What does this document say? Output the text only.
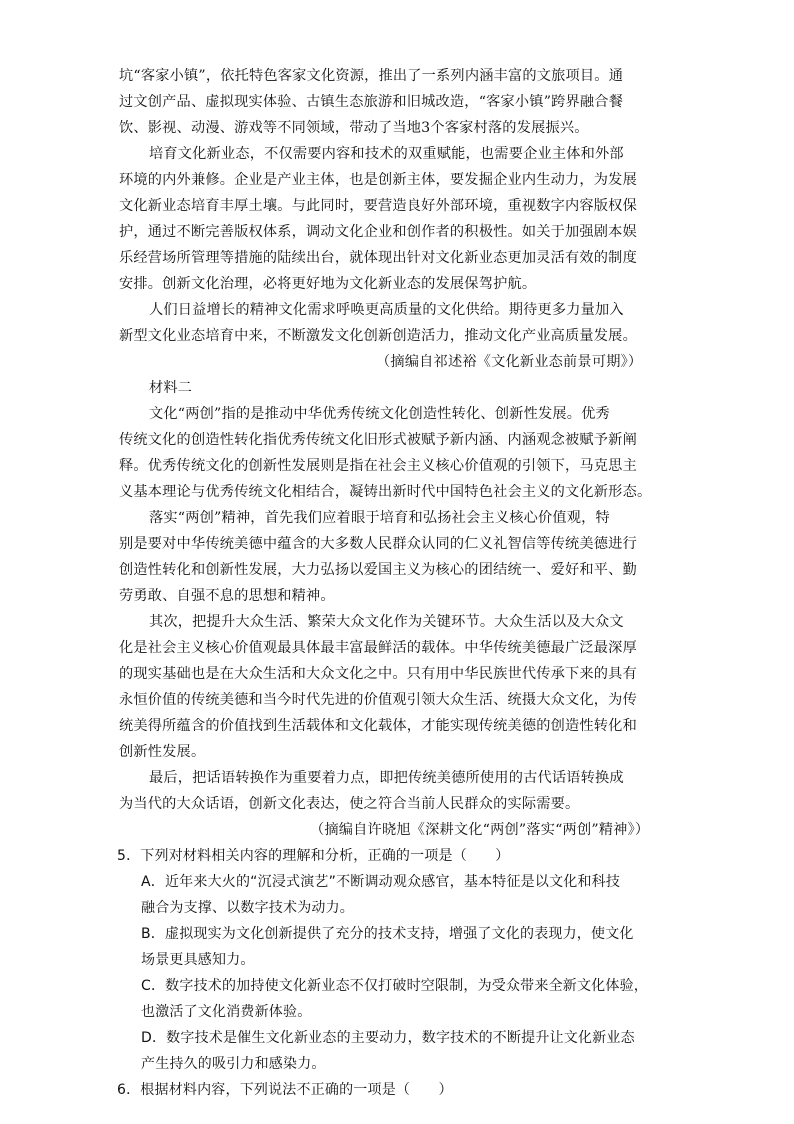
坑“客家小镇”，依托特色客家文化资源，推出了一系列内涵丰富的文旅项目。通
过文创产品、虚拟现实体验、古镇生态旅游和旧城改造，“客家小镇”跨界融合餐
饮、影视、动漫、游戏等不同领域，带动了当地3个客家村落的发展振兴。
培育文化新业态，不仅需要内容和技术的双重赋能，也需要企业主体和外部
环境的内外兼修。企业是产业主体，也是创新主体，要发掘企业内生动力，为发展
文化新业态培育丰厚土壤。与此同时，要营造良好外部环境，重视数字内容版权保
护，通过不断完善版权体系，调动文化企业和创作者的积极性。如关于加强剧本娱
乐经营场所管理等措施的陆续出台，就体现出针对文化新业态更加灵活有效的制度
安排。创新文化治理，必将更好地为文化新业态的发展保驾护航。
人们日益增长的精神文化需求呼唤更高质量的文化供给。期待更多力量加入
新型文化业态培育中来，不断激发文化创新创造活力，推动文化产业高质量发展。
（摘编自祁述裕《文化新业态前景可期》）
材料二
文化“两创”指的是推动中华优秀传统文化创造性转化、创新性发展。优秀
传统文化的创造性转化指优秀传统文化旧形式被赋予新内涵、内涵观念被赋予新阐
释。优秀传统文化的创新性发展则是指在社会主义核心价值观的引领下，马克思主
义基本理论与优秀传统文化相结合，凝铸出新时代中国特色社会主义的文化新形态。
落实“两创”精神，首先我们应着眼于培育和弘扬社会主义核心价值观，特
别是要对中华传统美德中蕴含的大多数人民群众认同的仁义礼智信等传统美德进行
创造性转化和创新性发展，大力弘扬以爱国主义为核心的团结统一、爱好和平、勤
劳勇敢、自强不息的思想和精神。
其次，把提升大众生活、繁荣大众文化作为关键环节。大众生活以及大众文
化是社会主义核心价值观最具体最丰富最鲜活的载体。中华传统美德最广泛最深厚
的现实基础也是在大众生活和大众文化之中。只有用中华民族世代传承下来的具有
永恒价值的传统美德和当今时代先进的价值观引领大众生活、统摄大众文化，为传
统美得所蕴含的价值找到生活载体和文化载体，才能实现传统美德的创造性转化和
创新性发展。
最后，把话语转换作为重要着力点，即把传统美德所使用的古代话语转换成
为当代的大众话语，创新文化表达，使之符合当前人民群众的实际需要。
（摘编自许晓旭《深耕文化“两创”落实“两创”精神》）
5．下列对材料相关内容的理解和分析，正确的一项是（　　）
A．近年来大火的“沉浸式演艺”不断调动观众感官，基本特征是以文化和科技
融合为支撑、以数字技术为动力。
B．虚拟现实为文化创新提供了充分的技术支持，增强了文化的表现力，使文化
场景更具感知力。
C．数字技术的加持使文化新业态不仅打破时空限制，为受众带来全新文化体验，
也激活了文化消费新体验。
D．数字技术是催生文化新业态的主要动力，数字技术的不断提升让文化新业态
产生持久的吸引力和感染力。
6．根据材料内容，下列说法不正确的一项是（　　）
